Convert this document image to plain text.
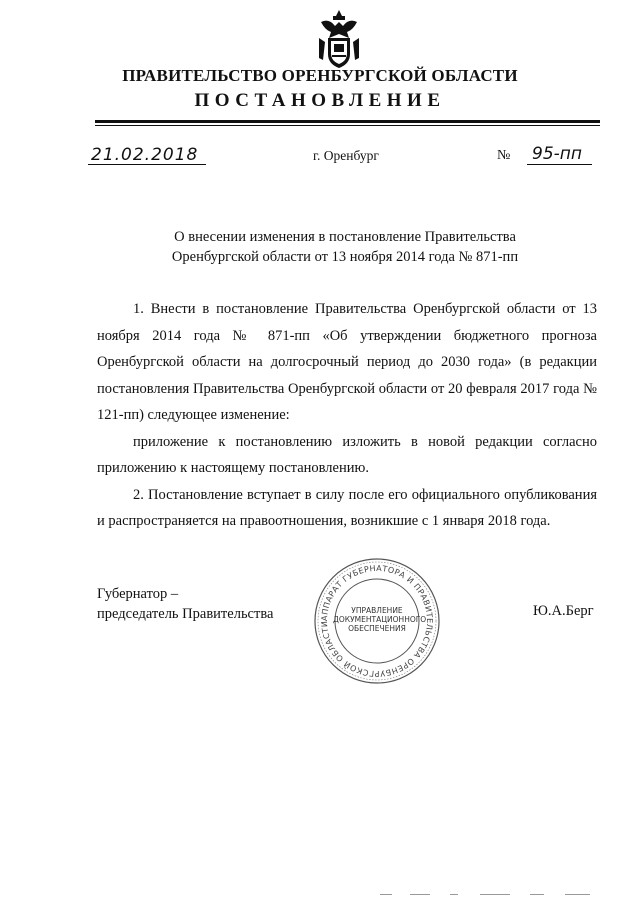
ПРАВИТЕЛЬСТВО ОРЕНБУРГСКОЙ ОБЛАСТИ
ПОСТАНОВЛЕНИЕ
21.02.2018	г. Оренбург	№ 95-пп
О внесении изменения в постановление Правительства
Оренбургской области от 13 ноября 2014 года № 871-пп

1. Внести в постановление Правительства Оренбургской области от 13 ноября 2014 года № 871-пп «Об утверждении бюджетного прогноза Оренбургской области на долгосрочный период до 2030 года» (в редакции постановления Правительства Оренбургской области от 20 февраля 2017 года № 121-пп) следующее изменение:

приложение к постановлению изложить в новой редакции согласно приложению к настоящему постановлению.

2. Постановление вступает в силу после его официального опубликования и распространяется на правоотношения, возникшие с 1 января 2018 года.

Губернатор –
председатель Правительства	АППАРАТ ГУБЕРНАТОРА И ПРАВИТЕЛЬСТВА ОРЕНБУРГСКОЙ ОБЛАСТИ
УПРАВЛЕНИЕ
ДОКУМЕНТАЦИОННОГО
ОБЕСПЕЧЕНИЯ
Ю.А.Берг
